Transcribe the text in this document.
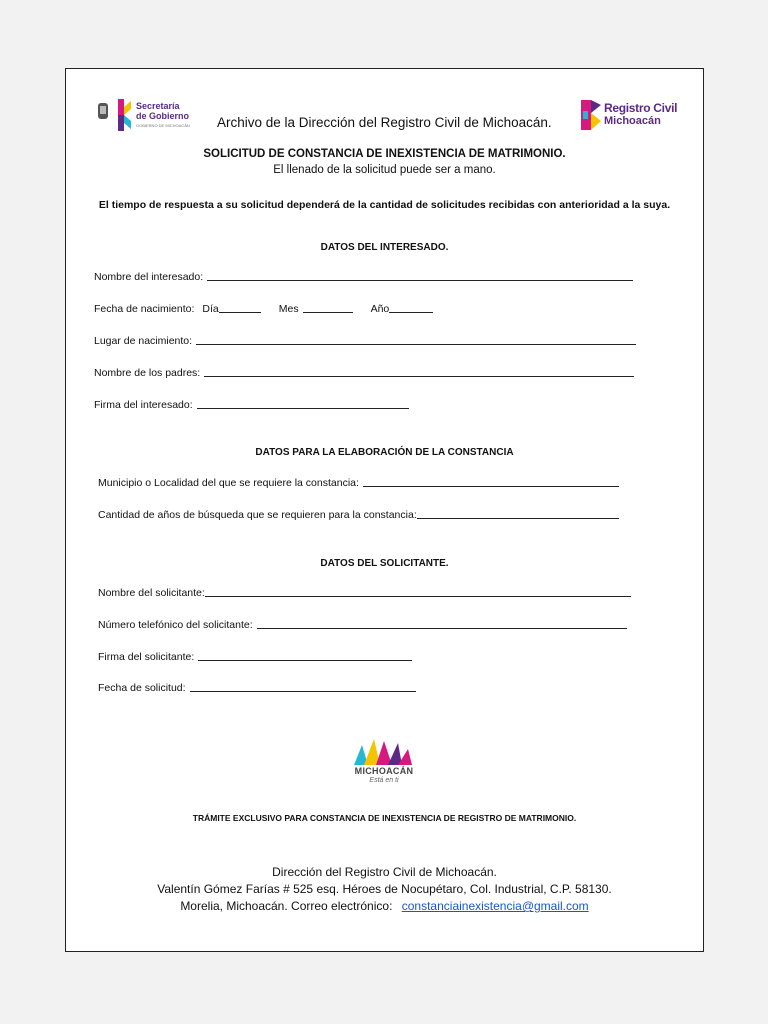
Secretaría
de Gobierno
GOBIERNO DE MICHOACÁN Archivo de la Dirección del Registro Civil de Michoacán.
Registro Civil
Michoacán
SOLICITUD DE CONSTANCIA DE INEXISTENCIA DE MATRIMONIO.
El llenado de la solicitud puede ser a mano.
El tiempo de respuesta a su solicitud dependerá de la cantidad de solicitudes recibidas con anterioridad a la suya.
DATOS DEL INTERESADO.
Nombre del interesado:
Fecha de nacimiento: Día	Mes	Año
Lugar de nacimiento:
Nombre de los padres:
Firma del interesado:
DATOS PARA LA ELABORACIÓN DE LA CONSTANCIA
Municipio o Localidad del que se requiere la constancia:
Cantidad de años de búsqueda que se requieren para la constancia:
DATOS DEL SOLICITANTE.
Nombre del solicitante:
Número telefónico del solicitante:
Firma del solicitante:
Fecha de solicitud:
MICHOACÁN
Está en ti
TRÁMITE EXCLUSIVO PARA CONSTANCIA DE INEXISTENCIA DE REGISTRO DE MATRIMONIO.
Dirección del Registro Civil de Michoacán.
Valentín Gómez Farías # 525 esq. Héroes de Nocupétaro, Col. Industrial, C.P. 58130.
Morelia, Michoacán. Correo electrónico: constanciainexistencia@gmail.com
